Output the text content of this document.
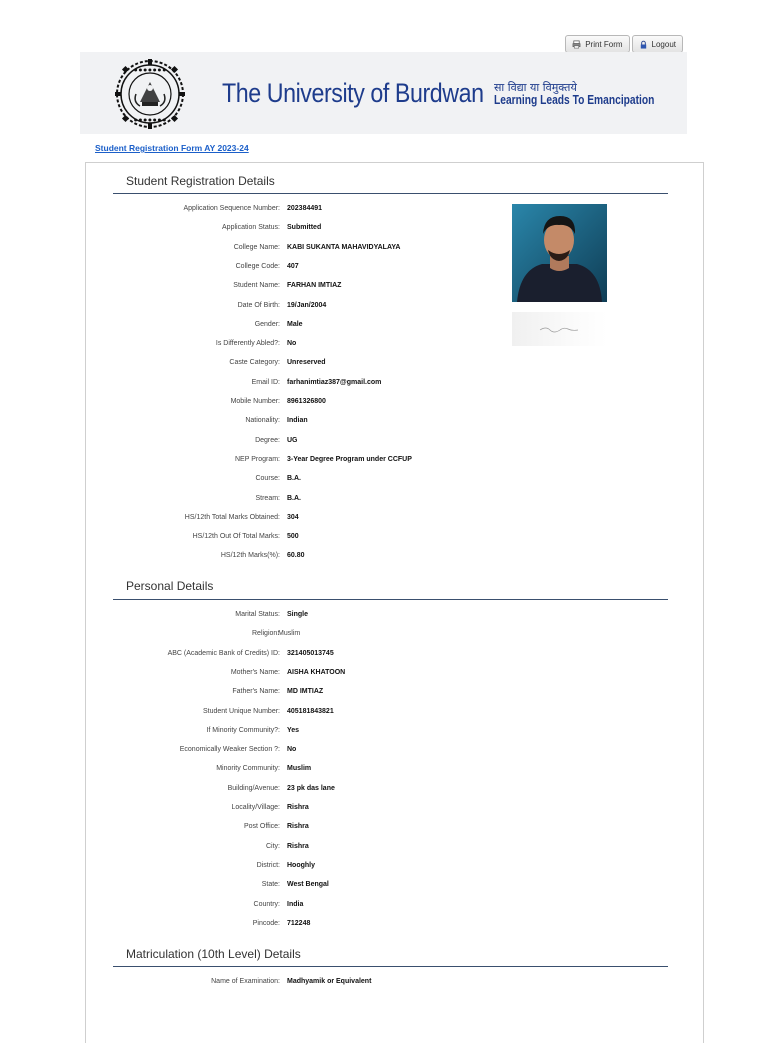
Print Form	Logout
● ● ● ● ● ● ●
● ● ● ● ● ● ●
The University of Burdwan सा विद्या या विमुक्तये
Learning Leads To Emancipation
Student Registration Form AY 2023-24
Student Registration Details
Application Sequence Number: 202384491
Application Status: Submitted
College Name: KABI SUKANTA MAHAVIDYALAYA
College Code: 407
Student Name: FARHAN IMTIAZ
Date Of Birth: 19/Jan/2004
Gender: Male
Is Differently Abled?: No
Caste Category: Unreserved
Email ID: farhanimtiaz387@gmail.com
Mobile Number: 8961326800
Nationality: Indian
Degree: UG
NEP Program: 3-Year Degree Program under CCFUP
Course: B.A.
Stream: B.A.
HS/12th Total Marks Obtained: 304
HS/12th Out Of Total Marks: 500
HS/12th Marks(%): 60.80
Personal Details
Marital Status: Single
Religion:
Muslim
ABC (Academic Bank of Credits) ID: 321405013745
Mother's Name: AISHA KHATOON
Father's Name: MD IMTIAZ
Student Unique Number: 405181843821
If Minority Community?: Yes
Economically Weaker Section ?: No
Minority Community: Muslim
Building/Avenue: 23 pk das lane
Locality/Village: Rishra
Post Office: Rishra
City: Rishra
District: Hooghly
State: West Bengal
Country: India
Pincode: 712248
Matriculation (10th Level) Details
Name of Examination: Madhyamik or Equivalent
